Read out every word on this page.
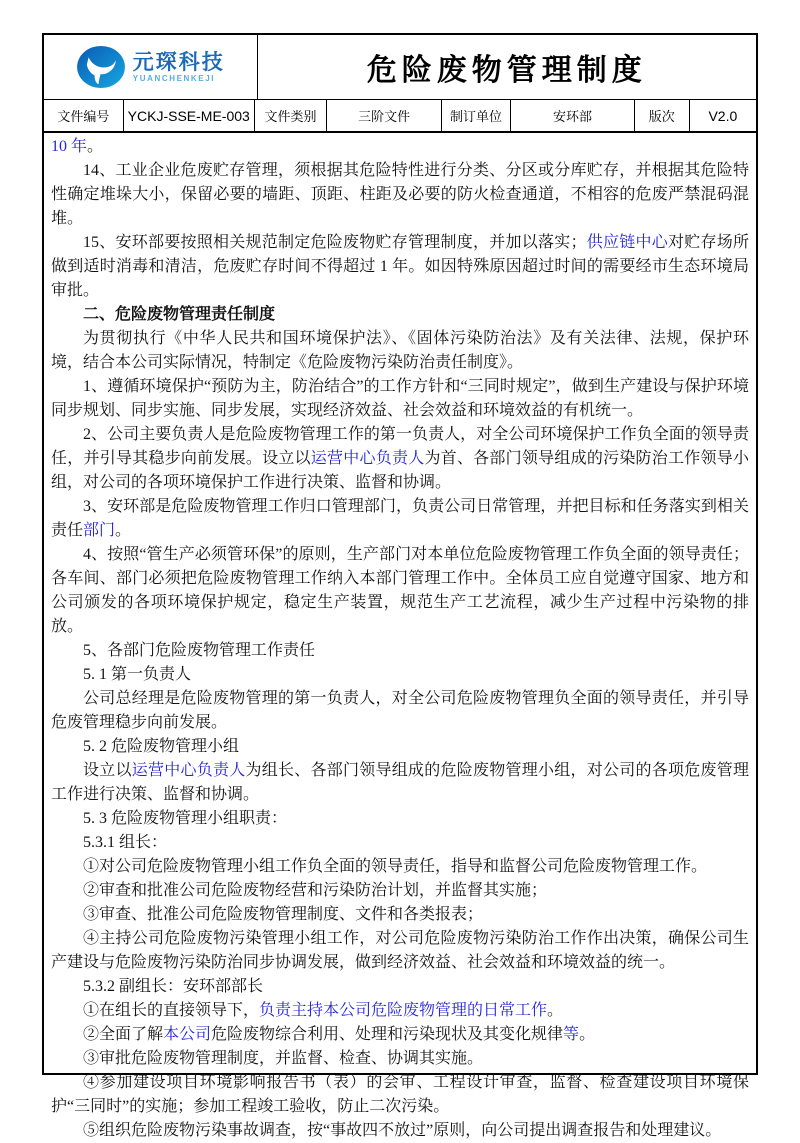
元琛科技
YUANCHENKEJI	危险废物管理制度
文件编号	YCKJ-SSE-ME-003	文件类别	三阶文件	制订单位	安环部	版次	V2.0
10 年。
14、工业企业危废贮存管理，须根据其危险特性进行分类、分区或分库贮存，并根据其危险特性确定堆垛大小，保留必要的墙距、顶距、柱距及必要的防火检查通道，不相容的危废严禁混码混堆。
15、安环部要按照相关规范制定危险废物贮存管理制度，并加以落实；供应链中心对贮存场所做到适时消毒和清洁，危废贮存时间不得超过 1 年。如因特殊原因超过时间的需要经市生态环境局审批。
二、危险废物管理责任制度
为贯彻执行《中华人民共和国环境保护法》、《固体污染防治法》及有关法律、法规，保护环境，结合本公司实际情况，特制定《危险废物污染防治责任制度》。
1、遵循环境保护“预防为主，防治结合”的工作方针和“三同时规定”，做到生产建设与保护环境同步规划、同步实施、同步发展，实现经济效益、社会效益和环境效益的有机统一。
2、公司主要负责人是危险废物管理工作的第一负责人，对全公司环境保护工作负全面的领导责任，并引导其稳步向前发展。设立以运营中心负责人为首、各部门领导组成的污染防治工作领导小组，对公司的各项环境保护工作进行决策、监督和协调。
3、安环部是危险废物管理工作归口管理部门，负责公司日常管理，并把目标和任务落实到相关责任部门。
4、按照“管生产必须管环保”的原则，生产部门对本单位危险废物管理工作负全面的领导责任；各车间、部门必须把危险废物管理工作纳入本部门管理工作中。全体员工应自觉遵守国家、地方和公司颁发的各项环境保护规定，稳定生产装置，规范生产工艺流程，减少生产过程中污染物的排放。
5、各部门危险废物管理工作责任
5. 1 第一负责人
公司总经理是危险废物管理的第一负责人，对全公司危险废物管理负全面的领导责任，并引导危废管理稳步向前发展。
5. 2 危险废物管理小组
设立以运营中心负责人为组长、各部门领导组成的危险废物管理小组，对公司的各项危废管理工作进行决策、监督和协调。
5. 3 危险废物管理小组职责：
5.3.1 组长：
①对公司危险废物管理小组工作负全面的领导责任，指导和监督公司危险废物管理工作。
②审查和批准公司危险废物经营和污染防治计划，并监督其实施；
③审查、批准公司危险废物管理制度、文件和各类报表；
④主持公司危险废物污染管理小组工作，对公司危险废物污染防治工作作出决策，确保公司生产建设与危险废物污染防治同步协调发展，做到经济效益、社会效益和环境效益的统一。
5.3.2 副组长：安环部部长
①在组长的直接领导下，负责主持本公司危险废物管理的日常工作。
②全面了解本公司危险废物综合利用、处理和污染现状及其变化规律等。
③审批危险废物管理制度，并监督、检查、协调其实施。
④参加建设项目环境影响报告书（表）的会审、工程设计审查，监督、检查建设项目环境保护“三同时”的实施；参加工程竣工验收，防止二次污染。
⑤组织危险废物污染事故调查，按“事故四不放过”原则，向公司提出调查报告和处理建议。
